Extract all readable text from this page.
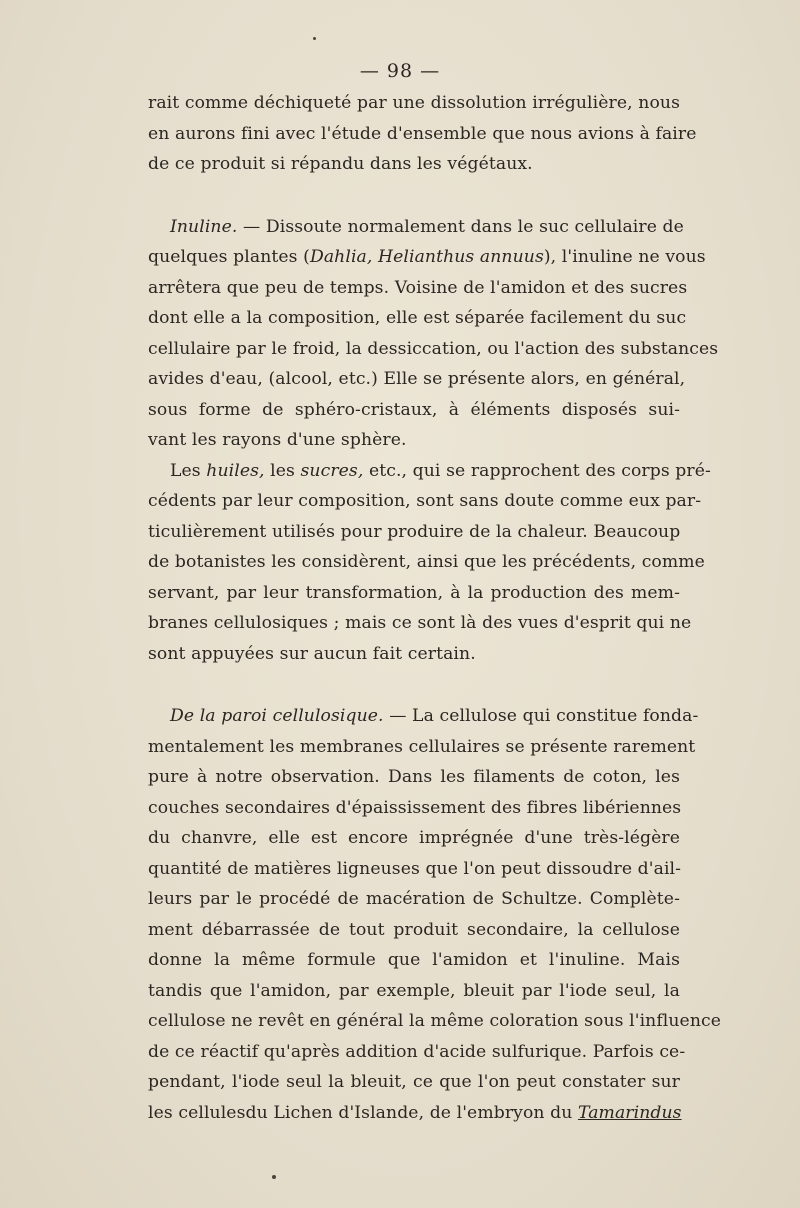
— 98 —
rait comme déchiqueté par une dissolution irrégulière, nous
en aurons fini avec l'étude d'ensemble que nous avions à faire
de ce produit si répandu dans les végétaux.
Inuline. — Dissoute normalement dans le suc cellulaire de
quelques plantes (Dahlia, Helianthus annuus), l'inuline ne vous
arrêtera que peu de temps. Voisine de l'amidon et des sucres
dont elle a la composition, elle est séparée facilement du suc
cellulaire par le froid, la dessiccation, ou l'action des substances
avides d'eau, (alcool, etc.) Elle se présente alors, en général,
sous forme de sphéro-cristaux, à éléments disposés sui-
vant les rayons d'une sphère.
Les huiles, les sucres, etc., qui se rapprochent des corps pré-
cédents par leur composition, sont sans doute comme eux par-
ticulièrement utilisés pour produire de la chaleur. Beaucoup
de botanistes les considèrent, ainsi que les précédents, comme
servant, par leur transformation, à la production des mem-
branes cellulosiques ; mais ce sont là des vues d'esprit qui ne
sont appuyées sur aucun fait certain.
De la paroi cellulosique. — La cellulose qui constitue fonda-
mentalement les membranes cellulaires se présente rarement
pure à notre observation. Dans les filaments de coton, les
couches secondaires d'épaississement des fibres libériennes
du chanvre, elle est encore imprégnée d'une très-légère
quantité de matières ligneuses que l'on peut dissoudre d'ail-
leurs par le procédé de macération de Schultze. Complète-
ment débarrassée de tout produit secondaire, la cellulose
donne la même formule que l'amidon et l'inuline. Mais
tandis que l'amidon, par exemple, bleuit par l'iode seul, la
cellulose ne revêt en général la même coloration sous l'influence
de ce réactif qu'après addition d'acide sulfurique. Parfois ce-
pendant, l'iode seul la bleuit, ce que l'on peut constater sur
les cellulesdu Lichen d'Islande, de l'embryon du Tamarindus
